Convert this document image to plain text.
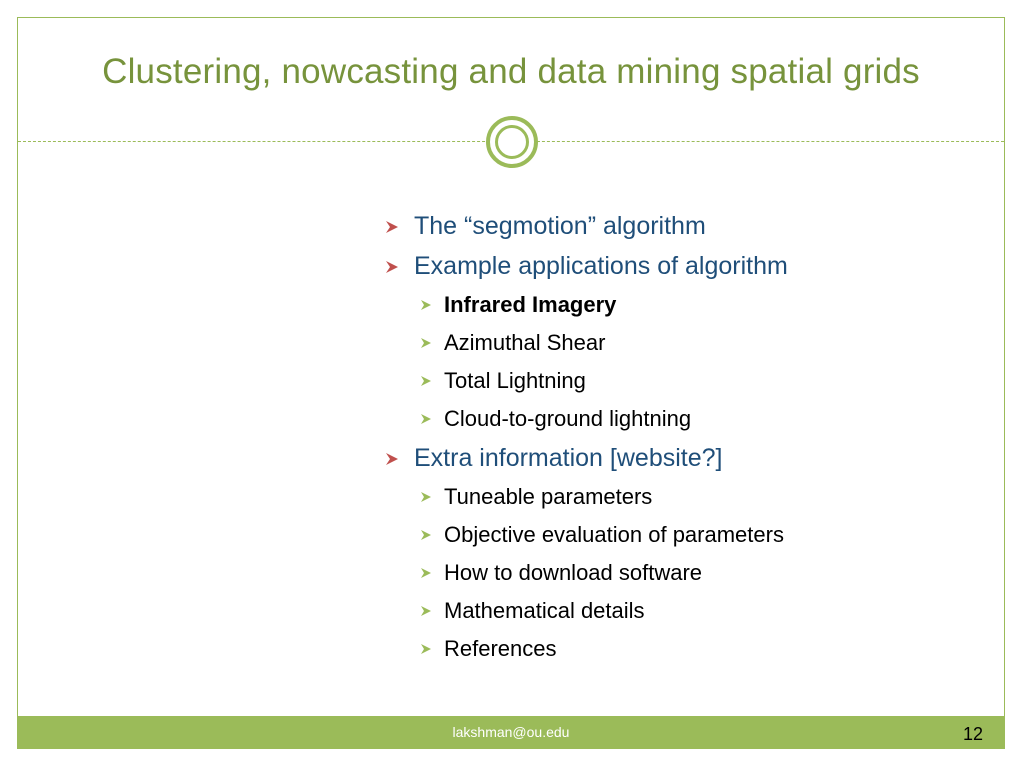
Clustering, nowcasting and data mining spatial grids
The “segmotion” algorithm
Example applications of algorithm
Infrared Imagery
Azimuthal Shear
Total Lightning
Cloud-to-ground lightning
Extra information [website?]
Tuneable parameters
Objective evaluation of parameters
How to download software
Mathematical details
References
lakshman@ou.edu	12
